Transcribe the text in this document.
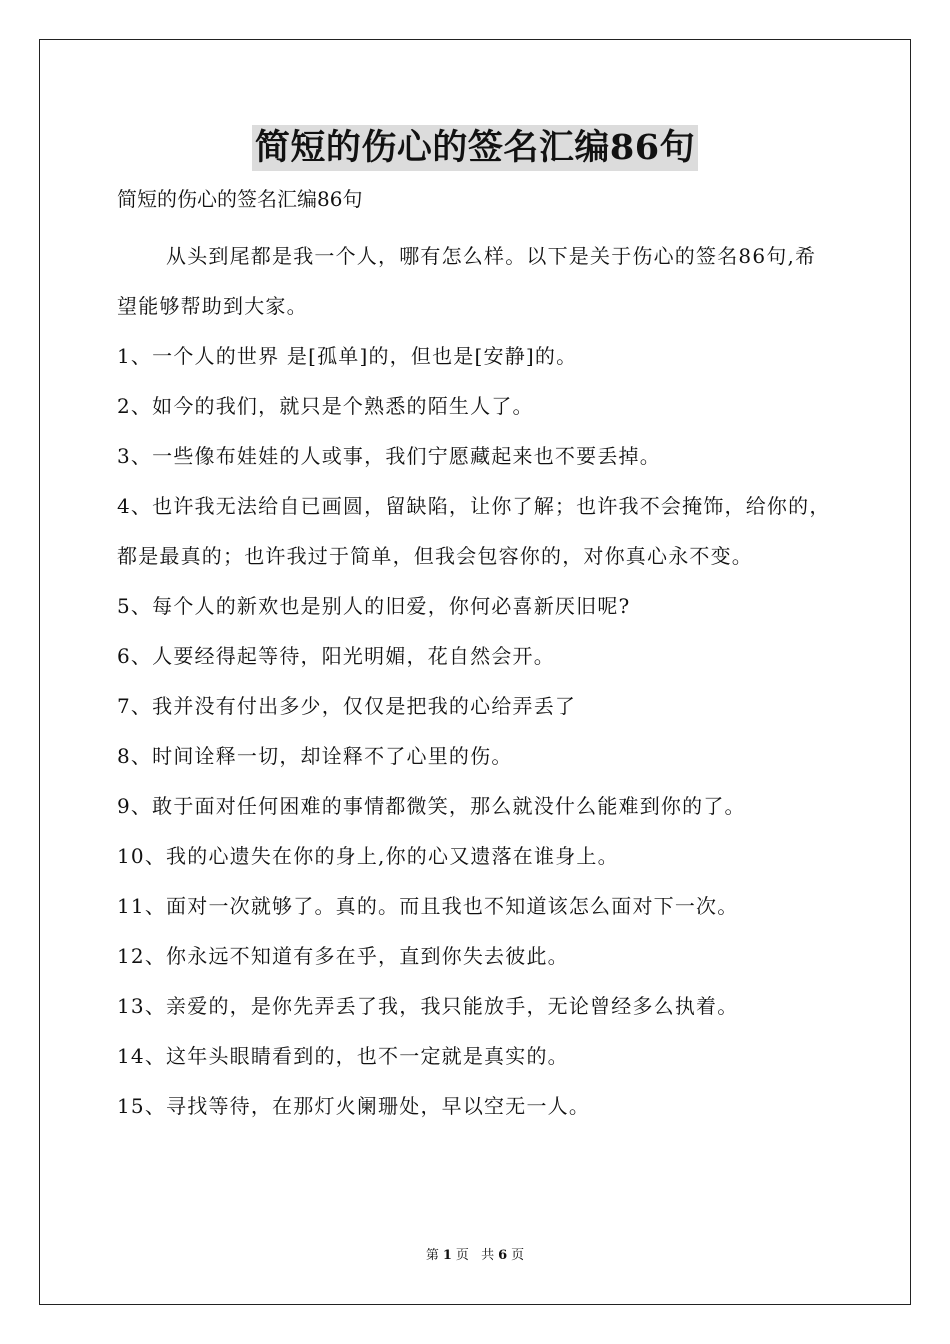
简短的伤心的签名汇编86句
简短的伤心的签名汇编86句

从头到尾都是我一个人，哪有怎么样。以下是关于伤心的签名86句,希望能够帮助到大家。

1、一个人的世界 是[孤单]的，但也是[安静]的。

2、如今的我们，就只是个熟悉的陌生人了。

3、一些像布娃娃的人或事，我们宁愿藏起来也不要丢掉。

4、也许我无法给自已画圆，留缺陷，让你了解；也许我不会掩饰，给你的，都是最真的；也许我过于简单，但我会包容你的，对你真心永不变。

5、每个人的新欢也是别人的旧爱，你何必喜新厌旧呢?

6、人要经得起等待，阳光明媚，花自然会开。

7、我并没有付出多少，仅仅是把我的心给弄丢了

8、时间诠释一切，却诠释不了心里的伤。

9、敢于面对任何困难的事情都微笑，那么就没什么能难到你的了。

10、我的心遗失在你的身上,你的心又遗落在谁身上。

11、面对一次就够了。真的。而且我也不知道该怎么面对下一次。

12、你永远不知道有多在乎，直到你失去彼此。

13、亲爱的，是你先弄丢了我，我只能放手，无论曾经多么执着。

14、这年头眼睛看到的，也不一定就是真实的。

15、寻找等待，在那灯火阑珊处，早以空无一人。

第 1 页 共 6 页
